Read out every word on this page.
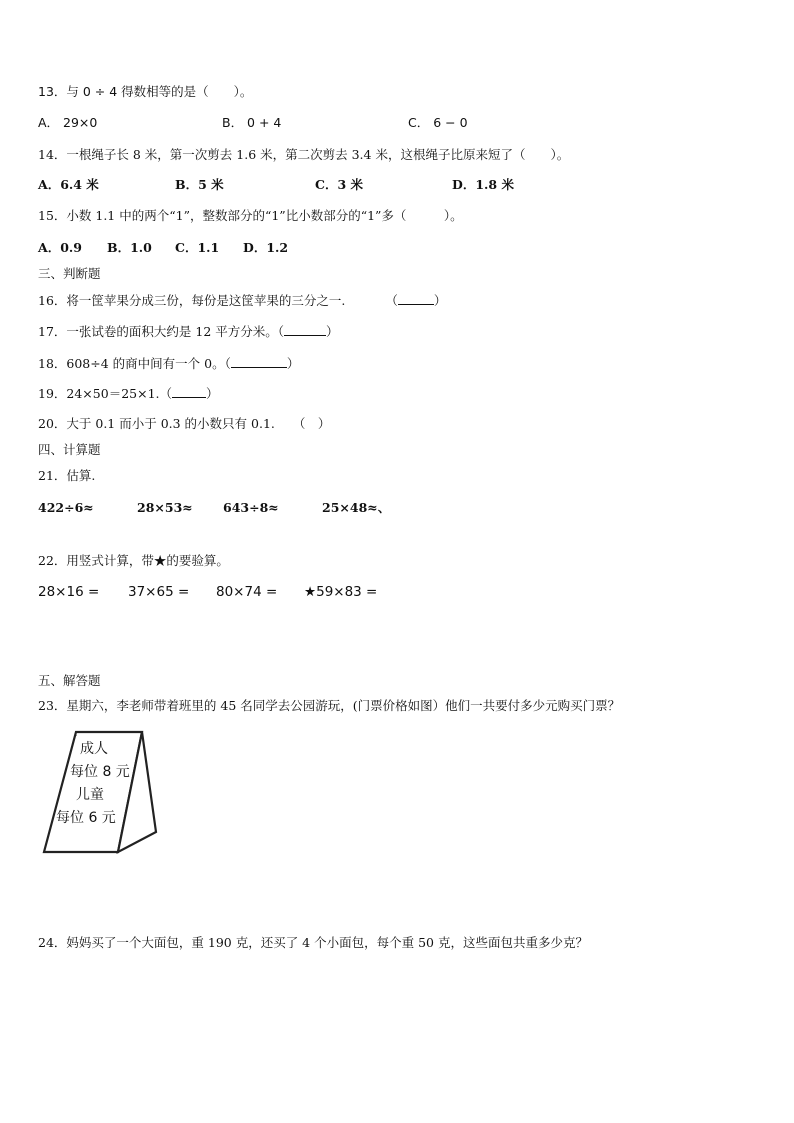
13．与 0 ÷ 4 得数相等的是（　　）。
A． 29×0	B． 0 + 4	C． 6 − 0
14．一根绳子长 8 米，第一次剪去 1.6 米，第二次剪去 3.4 米，这根绳子比原来短了（　　）。
A．6.4 米	B．5 米	C．3 米	D．1.8 米
15．小数 1.1 中的两个“1”，整数部分的“1”比小数部分的“1”多（　　　）。
A．0.9 B．1.0 C．1.1 D．1.2
三、判断题
16．将一筐苹果分成三份，每份是这筐苹果的三分之一.	（	）
17．一张试卷的面积大约是 12 平方分米。（	）
18．608÷4 的商中间有一个 0。（	）
19．24×50＝25×1.（	）
20．大于 0.1 而小于 0.3 的小数只有 0.1. （　）
四、计算题
21．估算.
422÷6≈	28×53≈ 643÷8≈	25×48≈、
22．用竖式计算，带★的要验算。
28×16 = 37×65 = 80×74 = ★59×83 =
五、解答题
23．星期六，李老师带着班里的 45 名同学去公园游玩，(门票价格如图）他们一共要付多少元购买门票？
成人
每位 8 元
儿童
每位 6 元
24．妈妈买了一个大面包，重 190 克，还买了 4 个小面包，每个重 50 克，这些面包共重多少克？
